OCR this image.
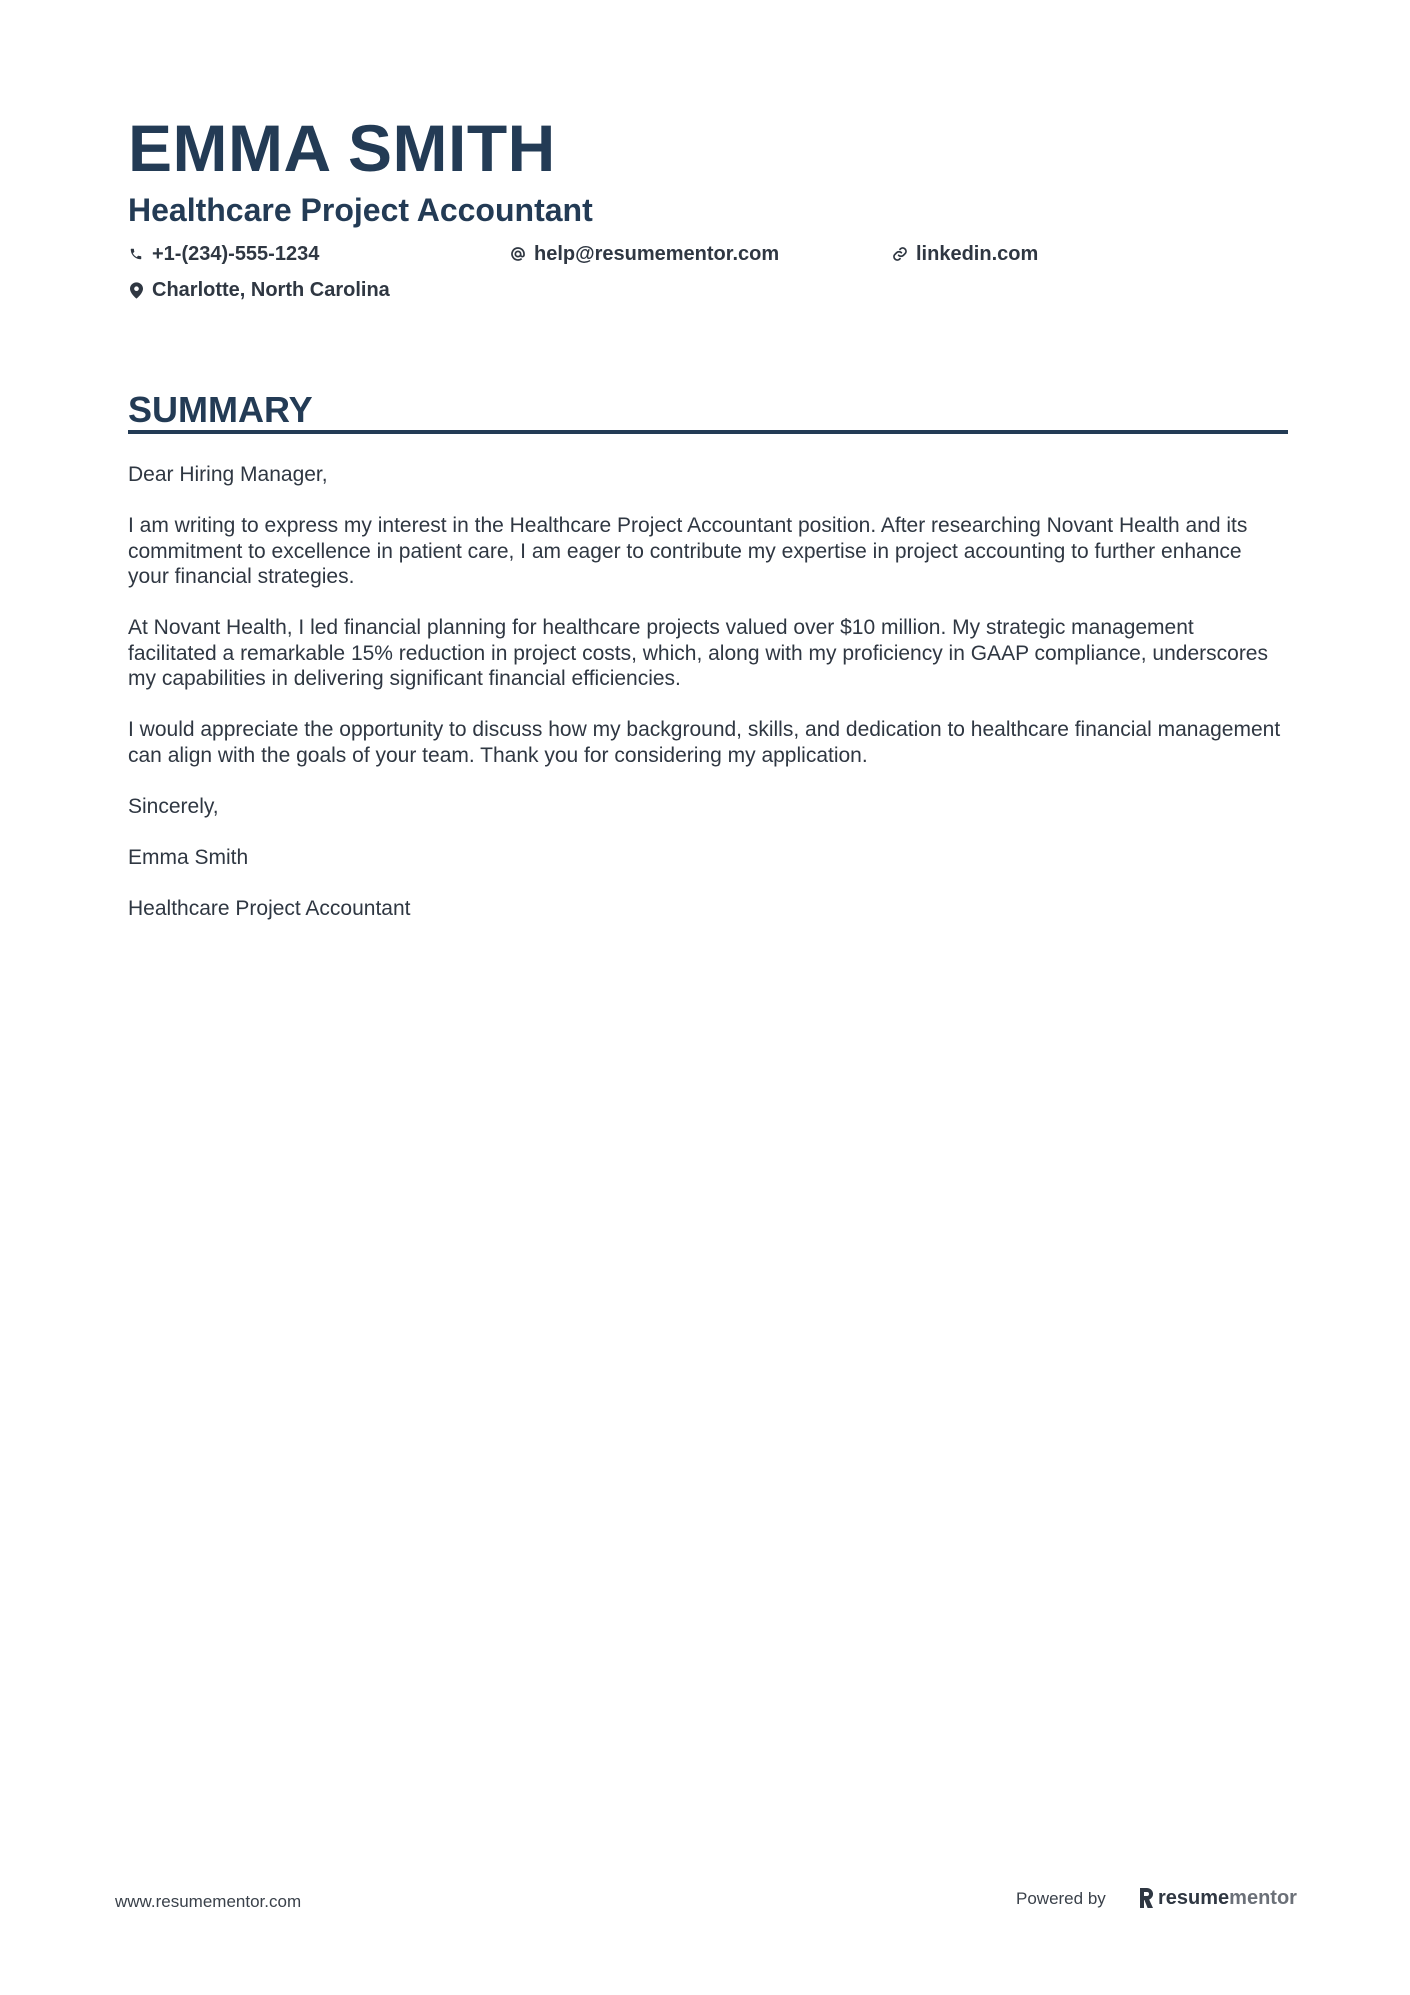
EMMA SMITH
Healthcare Project Accountant
+1-(234)-555-1234	help@resumementor.com	linkedin.com
Charlotte, North Carolina
SUMMARY

Dear Hiring Manager,

I am writing to express my interest in the Healthcare Project Accountant position. After researching Novant Health and its commitment to excellence in patient care, I am eager to contribute my expertise in project accounting to further enhance your financial strategies.

At Novant Health, I led financial planning for healthcare projects valued over $10 million. My strategic management facilitated a remarkable 15% reduction in project costs, which, along with my proficiency in GAAP compliance, underscores my capabilities in delivering significant financial efficiencies.

I would appreciate the opportunity to discuss how my background, skills, and dedication to healthcare financial management can align with the goals of your team. Thank you for considering my application.

Sincerely,

Emma Smith

Healthcare Project Accountant

www.resumementor.com	Powered by	resume mentor
